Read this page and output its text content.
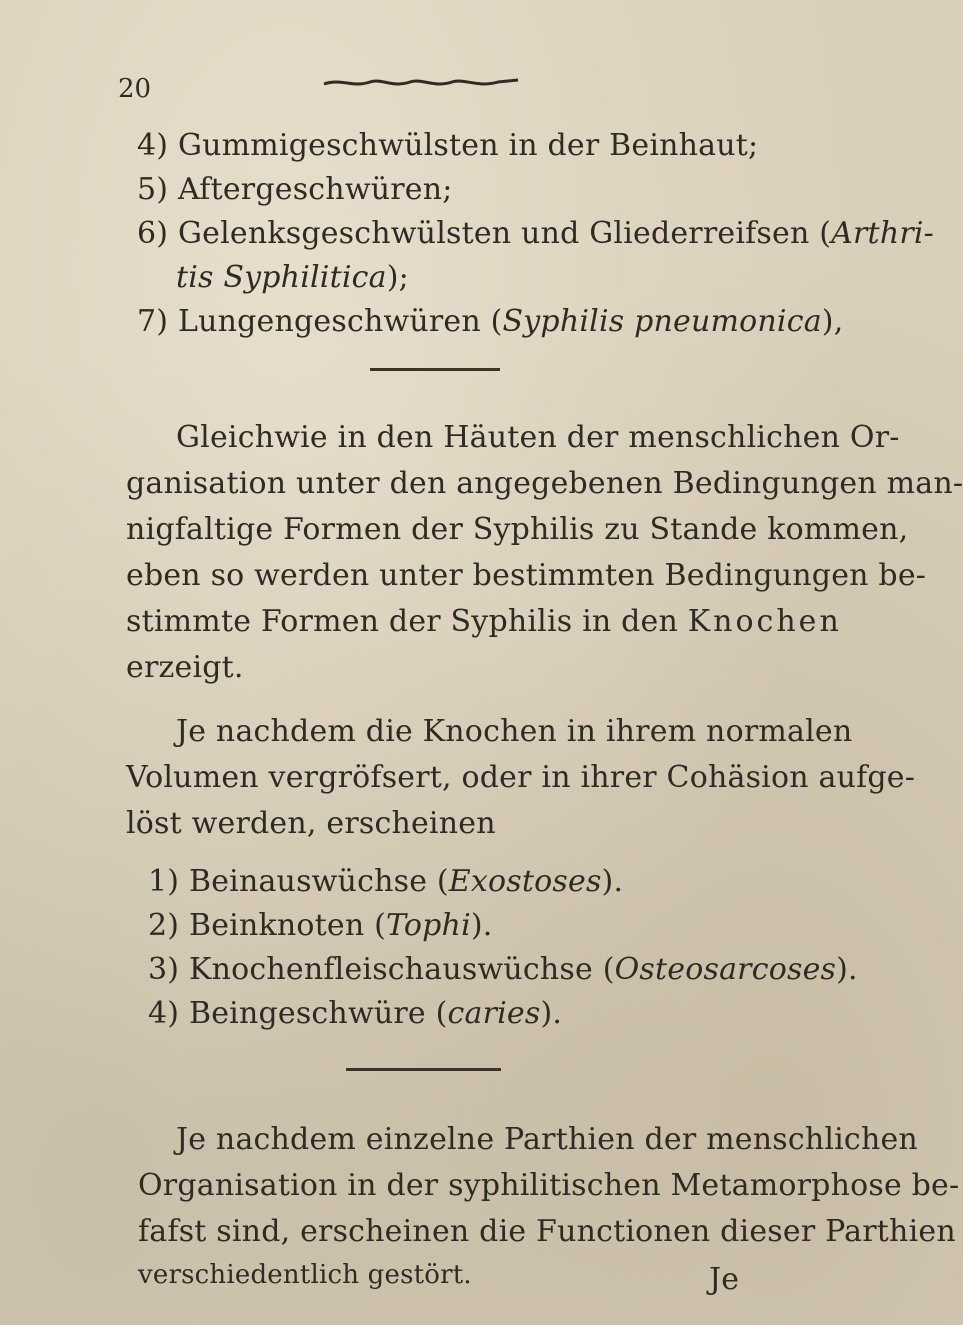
20
4) Gummigeschwülsten in der Beinhaut;
5) Aftergeschwüren;
6) Gelenksgeschwülsten und Gliederreifsen (Arthri-
tis Syphilitica);
7) Lungengeschwüren (Syphilis pneumonica),
Gleichwie in den Häuten der menschlichen Or-
ganisation unter den angegebenen Bedingungen man-
nigfaltige Formen der Syphilis zu Stande kommen,
eben so werden unter bestimmten Bedingungen be-
stimmte Formen der Syphilis in den Knochen
erzeigt.
Je nachdem die Knochen in ihrem normalen
Volumen vergröfsert, oder in ihrer Cohäsion aufge-
löst werden, erscheinen
1) Beinauswüchse (Exostoses).
2) Beinknoten (Tophi).
3) Knochenfleischauswüchse (Osteosarcoses).
4) Beingeschwüre (caries).
Je nachdem einzelne Parthien der menschlichen
Organisation in der syphilitischen Metamorphose be-
fafst sind, erscheinen die Functionen dieser Parthien
verschiedentlich gestört.	Je
